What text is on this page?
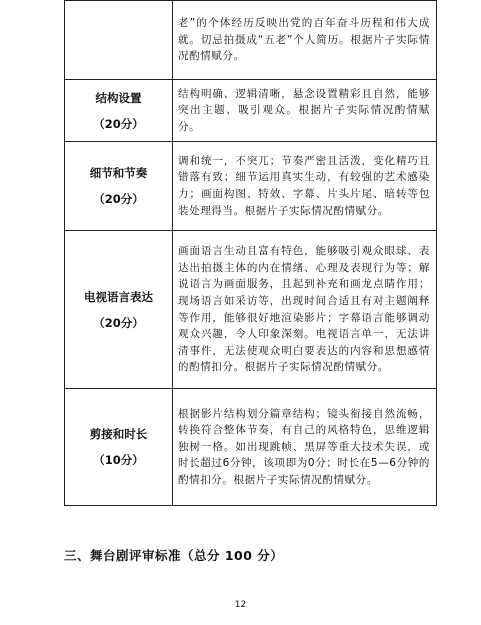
	老”的个体经历反映出党的百年奋斗历程和伟大成就。切忌拍摄成“五老”个人简历。根据片子实际情况酌情赋分。
结构设置
（20分）	结构明确、逻辑清晰，悬念设置精彩且自然，能够突出主题、吸引观众。根据片子实际情况酌情赋分。
细节和节奏
（20分）	调和统一，不突兀；节奏严密且活泼，变化精巧且错落有致；细节运用真实生动，有较强的艺术感染力；画面构图、特效、字幕、片头片尾、暗转等包装处理得当。根据片子实际情况酌情赋分。
电视语言表达
（20分）	画面语言生动且富有特色，能够吸引观众眼球、表达出拍摄主体的内在情绪、心理及表现行为等；解说语言为画面服务，且起到补充和画龙点睛作用；现场语言如采访等，出现时间合适且有对主题阐释等作用，能够很好地渲染影片；字幕语言能够调动观众兴趣，令人印象深刻。电视语言单一，无法讲清事件，无法使观众明白要表达的内容和思想感情的酌情扣分。根据片子实际情况酌情赋分。
剪接和时长
（10分）	根据影片结构划分篇章结构；镜头衔接自然流畅，转换符合整体节奏，有自己的风格特色，思维逻辑独树一格。如出现跳帧、黑屏等重大技术失误，或时长超过6分钟，该项即为0分；时长在5—6分钟的酌情扣分。根据片子实际情况酌情赋分。
三、舞台剧评审标准（总分 100 分）
12
